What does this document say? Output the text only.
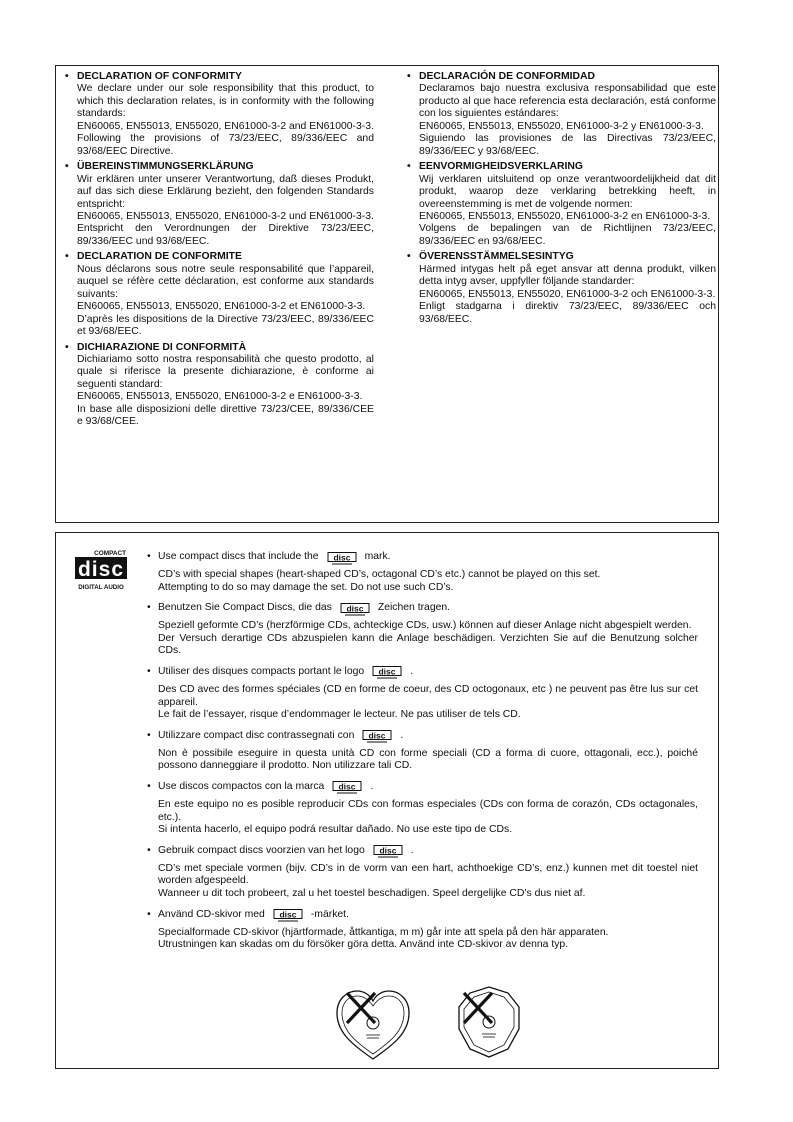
• DECLARATION OF CONFORMITY
We declare under our sole responsibility that this product, to which this declaration relates, is in conformity with the following standards:
EN60065, EN55013, EN55020, EN61000-3-2 and EN61000-3-3.
Following the provisions of 73/23/EEC, 89/336/EEC and 93/68/EEC Directive.
• ÜBEREINSTIMMUNGSERKLÄRUNG
Wir erklären unter unserer Verantwortung, daß dieses Produkt, auf das sich diese Erklärung bezieht, den folgenden Standards entspricht:
EN60065, EN55013, EN55020, EN61000-3-2 und EN61000-3-3.
Entspricht den Verordnungen der Direktive 73/23/EEC, 89/336/EEC und 93/68/EEC.
• DECLARATION DE CONFORMITE
Nous déclarons sous notre seule responsabilité que l’appareil, auquel se réfère cette déclaration, est conforme aux standards suivants:
EN60065, EN55013, EN55020, EN61000-3-2 et EN61000-3-3.
D’après les dispositions de la Directive 73/23/EEC, 89/336/EEC et 93/68/EEC.
• DICHIARAZIONE DI CONFORMITÀ
Dichiariamo sotto nostra responsabilità che questo prodotto, al quale si riferisce la presente dichiarazione, è conforme ai seguenti standard:
EN60065, EN55013, EN55020, EN61000-3-2 e EN61000-3-3.
In base alle disposizioni delle direttive 73/23/CEE, 89/336/CEE e 93/68/CEE.
• DECLARACIÓN DE CONFORMIDAD
Declaramos bajo nuestra exclusiva responsabilidad que este producto al que hace referencia esta declaración, está conforme con los siguientes estándares:
EN60065, EN55013, EN55020, EN61000-3-2 y EN61000-3-3.
Siguiendo las provisiones de las Directivas 73/23/EEC, 89/336/EEC y 93/68/EEC.
• EENVORMIGHEIDSVERKLARING
Wij verklaren uitsluitend op onze verantwoordelijkheid dat dit produkt, waarop deze verklaring betrekking heeft, in overeenstemming is met de volgende normen:
EN60065, EN55013, EN55020, EN61000-3-2 en EN61000-3-3.
Volgens de bepalingen van de Richtlijnen 73/23/EEC, 89/336/EEC en 93/68/EEC.
• ÖVERENSSTÄMMELSESINTYG
Härmed intygas helt på eget ansvar att denna produkt, vilken detta intyg avser, uppfyller följande standarder:
EN60065, EN55013, EN55020, EN61000-3-2 och EN61000-3-3.
Enligt stadgarna i direktiv 73/23/EEC, 89/336/EEC och 93/68/EEC.
COMPACT
disc
DIGITAL AUDIO
• Use compact discs that include the disc mark.
CD’s with special shapes (heart-shaped CD’s, octagonal CD’s etc.) cannot be played on this set.
Attempting to do so may damage the set. Do not use such CD’s.
• Benutzen Sie Compact Discs, die das disc Zeichen tragen.
Speziell geformte CD’s (herzförmige CDs, achteckige CDs, usw.) können auf dieser Anlage nicht abgespielt werden.
Der Versuch derartige CDs abzuspielen kann die Anlage beschädigen. Verzichten Sie auf die Benutzung solcher CDs.
• Utiliser des disques compacts portant le logo disc .
Des CD avec des formes spéciales (CD en forme de coeur, des CD octogonaux, etc ) ne peuvent pas être lus sur cet appareil.
Le fait de l’essayer, risque d’endommager le lecteur. Ne pas utiliser de tels CD.
• Utilizzare compact disc contrassegnati con disc .
Non è possibile eseguire in questa unità CD con forme speciali (CD a forma di cuore, ottagonali, ecc.), poiché possono danneggiare il prodotto. Non utilizzare tali CD.
• Use discos compactos con la marca disc .
En este equipo no es posible reproducir CDs con formas especiales (CDs con forma de corazón, CDs octagonales, etc.).
Si intenta hacerlo, el equipo podrá resultar dañado. No use este tipo de CDs.
• Gebruik compact discs voorzien van het logo disc .
CD’s met speciale vormen (bijv. CD’s in de vorm van een hart, achthoekige CD’s, enz.) kunnen met dit toestel niet worden afgespeeld.
Wanneer u dit toch probeert, zal u het toestel beschadigen. Speel dergelijke CD’s dus niet af.
• Använd CD-skivor med disc -märket.
Specialformade CD-skivor (hjärtformade, åttkantiga, m m) går inte att spela på den här apparaten.
Utrustningen kan skadas om du försöker göra detta. Använd inte CD-skivor av denna typ.
